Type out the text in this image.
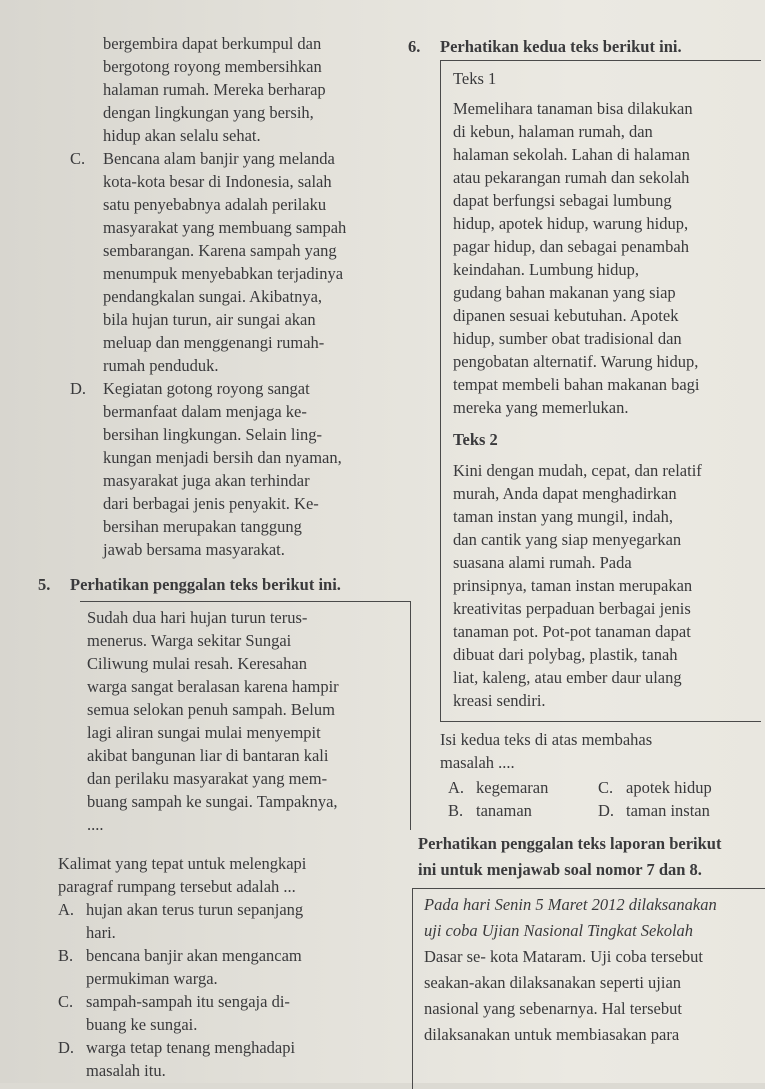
bergembira dapat berkumpul dan

bergotong royong membersihkan

halaman rumah. Mereka berharap

dengan lingkungan yang bersih,

hidup akan selalu sehat.

C. Bencana alam banjir yang melanda

kota-kota besar di Indonesia, salah

satu penyebabnya adalah perilaku

masyarakat yang membuang sampah

sembarangan. Karena sampah yang

menumpuk menyebabkan terjadinya

pendangkalan sungai. Akibatnya,

bila hujan turun, air sungai akan

meluap dan menggenangi rumah-

rumah penduduk.

D. Kegiatan gotong royong sangat

bermanfaat dalam menjaga ke-

bersihan lingkungan. Selain ling-

kungan menjadi bersih dan nyaman,

masyarakat juga akan terhindar

dari berbagai jenis penyakit. Ke-

bersihan merupakan tanggung

jawab bersama masyarakat.

5. Perhatikan penggalan teks berikut ini.

Sudah dua hari hujan turun terus-

menerus. Warga sekitar Sungai

Ciliwung mulai resah. Keresahan

warga sangat beralasan karena hampir

semua selokan penuh sampah. Belum

lagi aliran sungai mulai menyempit

akibat bangunan liar di bantaran kali

dan perilaku masyarakat yang mem-

buang sampah ke sungai. Tampaknya,

....

Kalimat yang tepat untuk melengkapi

paragraf rumpang tersebut adalah ...

A. hujan akan terus turun sepanjang

hari.

B. bencana banjir akan mengancam

permukiman warga.

C. sampah-sampah itu sengaja di-

buang ke sungai.

D. warga tetap tenang menghadapi

masalah itu.

6. Perhatikan kedua teks berikut ini.

Teks 1

Memelihara tanaman bisa dilakukan

di kebun, halaman rumah, dan

halaman sekolah. Lahan di halaman

atau pekarangan rumah dan sekolah

dapat berfungsi sebagai lumbung

hidup, apotek hidup, warung hidup,

pagar hidup, dan sebagai penambah

keindahan. Lumbung hidup,

gudang bahan makanan yang siap

dipanen sesuai kebutuhan. Apotek

hidup, sumber obat tradisional dan

pengobatan alternatif. Warung hidup,

tempat membeli bahan makanan bagi

mereka yang memerlukan.

Teks 2

Kini dengan mudah, cepat, dan relatif

murah, Anda dapat menghadirkan

taman instan yang mungil, indah,

dan cantik yang siap menyegarkan

suasana alami rumah. Pada

prinsipnya, taman instan merupakan

kreativitas perpaduan berbagai jenis

tanaman pot. Pot-pot tanaman dapat

dibuat dari polybag, plastik, tanah

liat, kaleng, atau ember daur ulang

kreasi sendiri.

Isi kedua teks di atas membahas

masalah ....

A. kegemaran	C. apotek hidup

B. tanaman	D. taman instan

Perhatikan penggalan teks laporan berikut

ini untuk menjawab soal nomor 7 dan 8.

Pada hari Senin 5 Maret 2012 dilaksanakan

uji coba Ujian Nasional Tingkat Sekolah

Dasar se- kota Mataram. Uji coba tersebut

seakan-akan dilaksanakan seperti ujian

nasional yang sebenarnya. Hal tersebut

dilaksanakan untuk membiasakan para
